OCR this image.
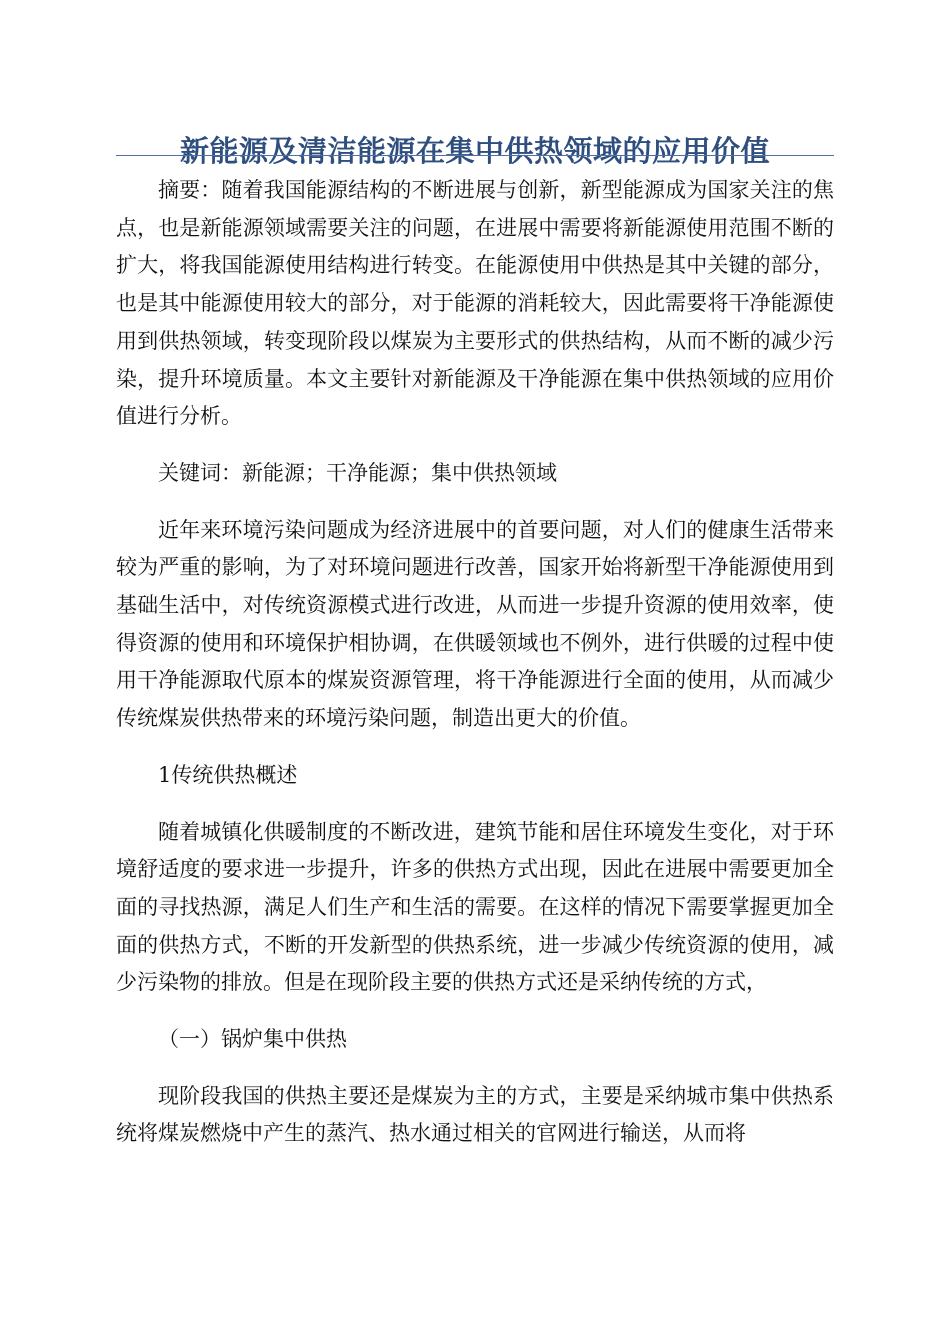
新能源及清洁能源在集中供热领域的应用价值

摘要：随着我国能源结构的不断进展与创新，新型能源成为国家关注的焦点，也是新能源领域需要关注的问题，在进展中需要将新能源使用范围不断的扩大，将我国能源使用结构进行转变。在能源使用中供热是其中关键的部分，也是其中能源使用较大的部分，对于能源的消耗较大，因此需要将干净能源使用到供热领域，转变现阶段以煤炭为主要形式的供热结构，从而不断的减少污染，提升环境质量。本文主要针对新能源及干净能源在集中供热领域的应用价值进行分析。

关键词：新能源；干净能源；集中供热领域

近年来环境污染问题成为经济进展中的首要问题，对人们的健康生活带来较为严重的影响，为了对环境问题进行改善，国家开始将新型干净能源使用到基础生活中，对传统资源模式进行改进，从而进一步提升资源的使用效率，使得资源的使用和环境保护相协调，在供暖领域也不例外，进行供暖的过程中使用干净能源取代原本的煤炭资源管理，将干净能源进行全面的使用，从而减少传统煤炭供热带来的环境污染问题，制造出更大的价值。

1传统供热概述

随着城镇化供暖制度的不断改进，建筑节能和居住环境发生变化，对于环境舒适度的要求进一步提升，许多的供热方式出现，因此在进展中需要更加全面的寻找热源，满足人们生产和生活的需要。在这样的情况下需要掌握更加全面的供热方式，不断的开发新型的供热系统，进一步减少传统资源的使用，减少污染物的排放。但是在现阶段主要的供热方式还是采纳传统的方式，

（一）锅炉集中供热

现阶段我国的供热主要还是煤炭为主的方式，主要是采纳城市集中供热系统将煤炭燃烧中产生的蒸汽、热水通过相关的官网进行输送，从而将
